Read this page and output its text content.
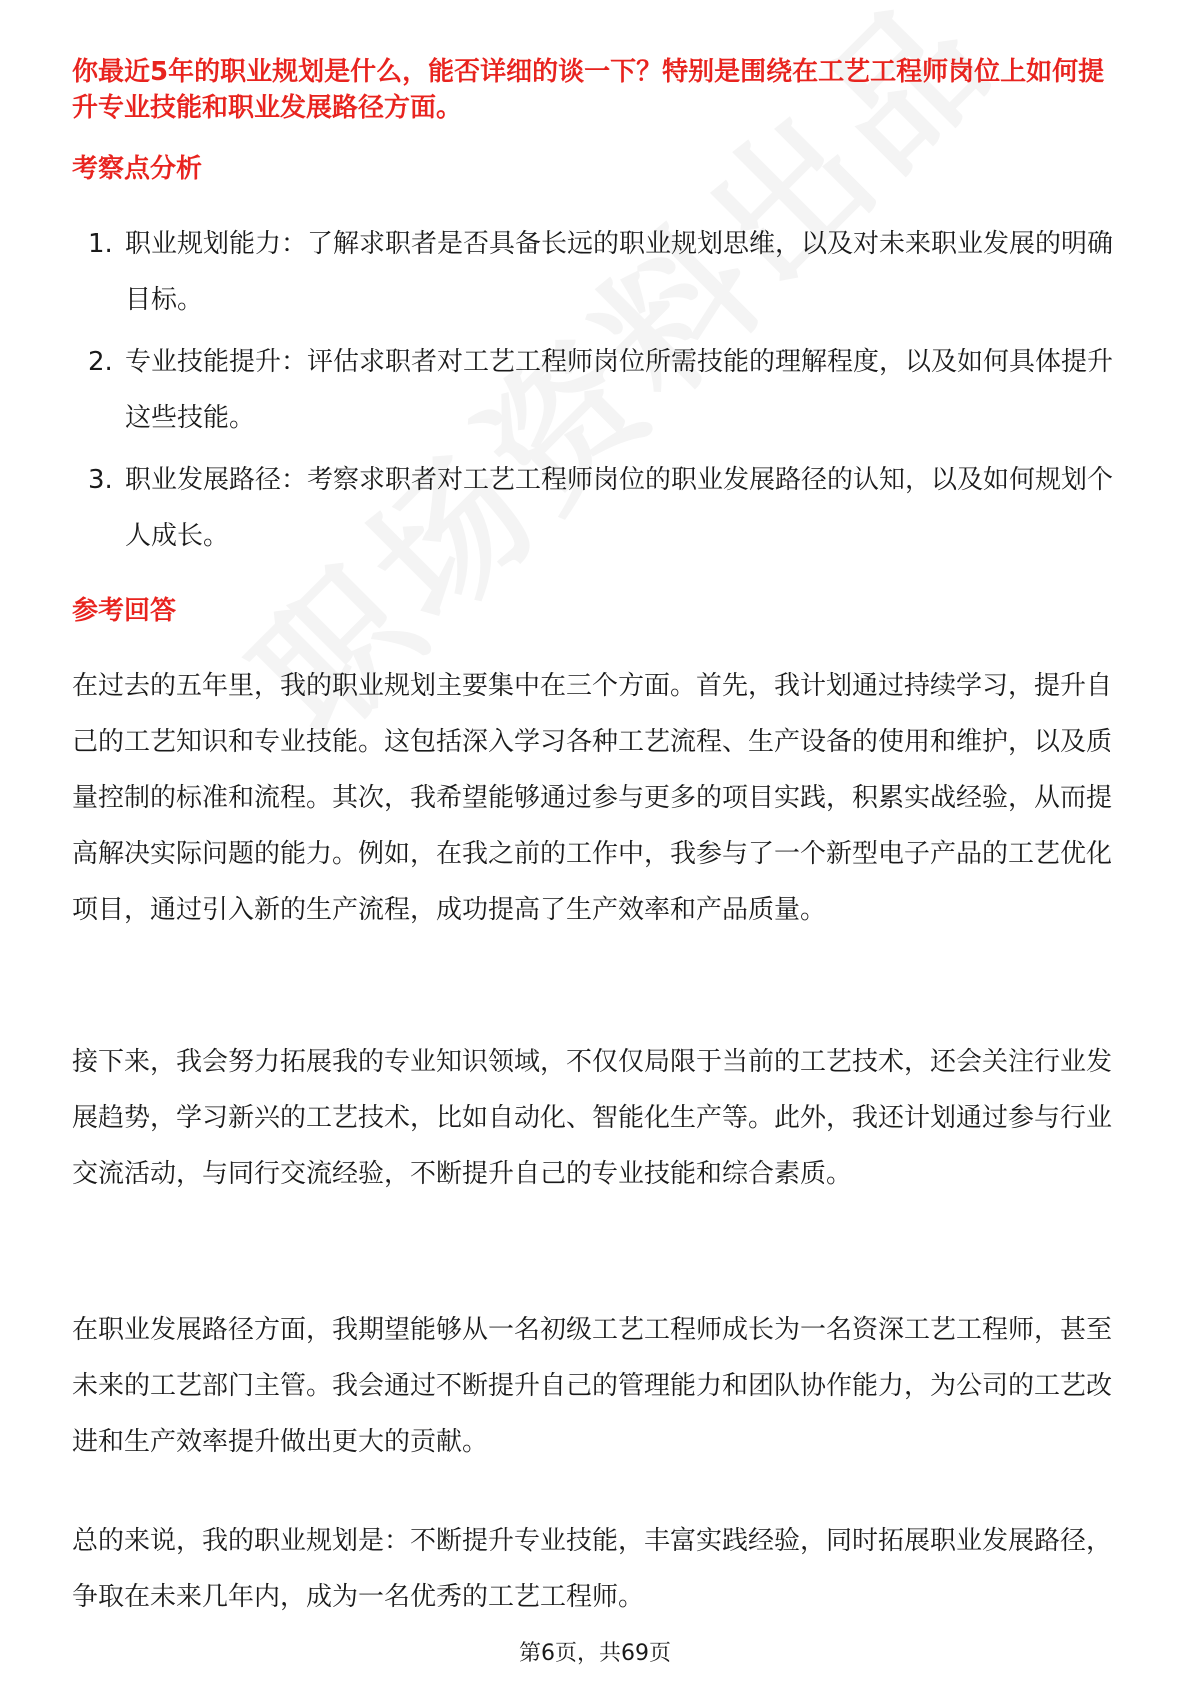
你最近5年的职业规划是什么，能否详细的谈一下？特别是围绕在工艺工程师岗位上如何提升专业技能和职业发展路径方面。
考察点分析
1. 职业规划能力：了解求职者是否具备长远的职业规划思维，以及对未来职业发展的明确目标。
2. 专业技能提升：评估求职者对工艺工程师岗位所需技能的理解程度，以及如何具体提升这些技能。
3. 职业发展路径：考察求职者对工艺工程师岗位的职业发展路径的认知，以及如何规划个人成长。
参考回答

在过去的五年里，我的职业规划主要集中在三个方面。首先，我计划通过持续学习，提升自己的工艺知识和专业技能。这包括深入学习各种工艺流程、生产设备的使用和维护，以及质量控制的标准和流程。其次，我希望能够通过参与更多的项目实践，积累实战经验，从而提高解决实际问题的能力。例如，在我之前的工作中，我参与了一个新型电子产品的工艺优化项目，通过引入新的生产流程，成功提高了生产效率和产品质量。

接下来，我会努力拓展我的专业知识领域，不仅仅局限于当前的工艺技术，还会关注行业发展趋势，学习新兴的工艺技术，比如自动化、智能化生产等。此外，我还计划通过参与行业交流活动，与同行交流经验，不断提升自己的专业技能和综合素质。

在职业发展路径方面，我期望能够从一名初级工艺工程师成长为一名资深工艺工程师，甚至未来的工艺部门主管。我会通过不断提升自己的管理能力和团队协作能力，为公司的工艺改进和生产效率提升做出更大的贡献。

总的来说，我的职业规划是：不断提升专业技能，丰富实践经验，同时拓展职业发展路径，争取在未来几年内，成为一名优秀的工艺工程师。

第6页，共69页
